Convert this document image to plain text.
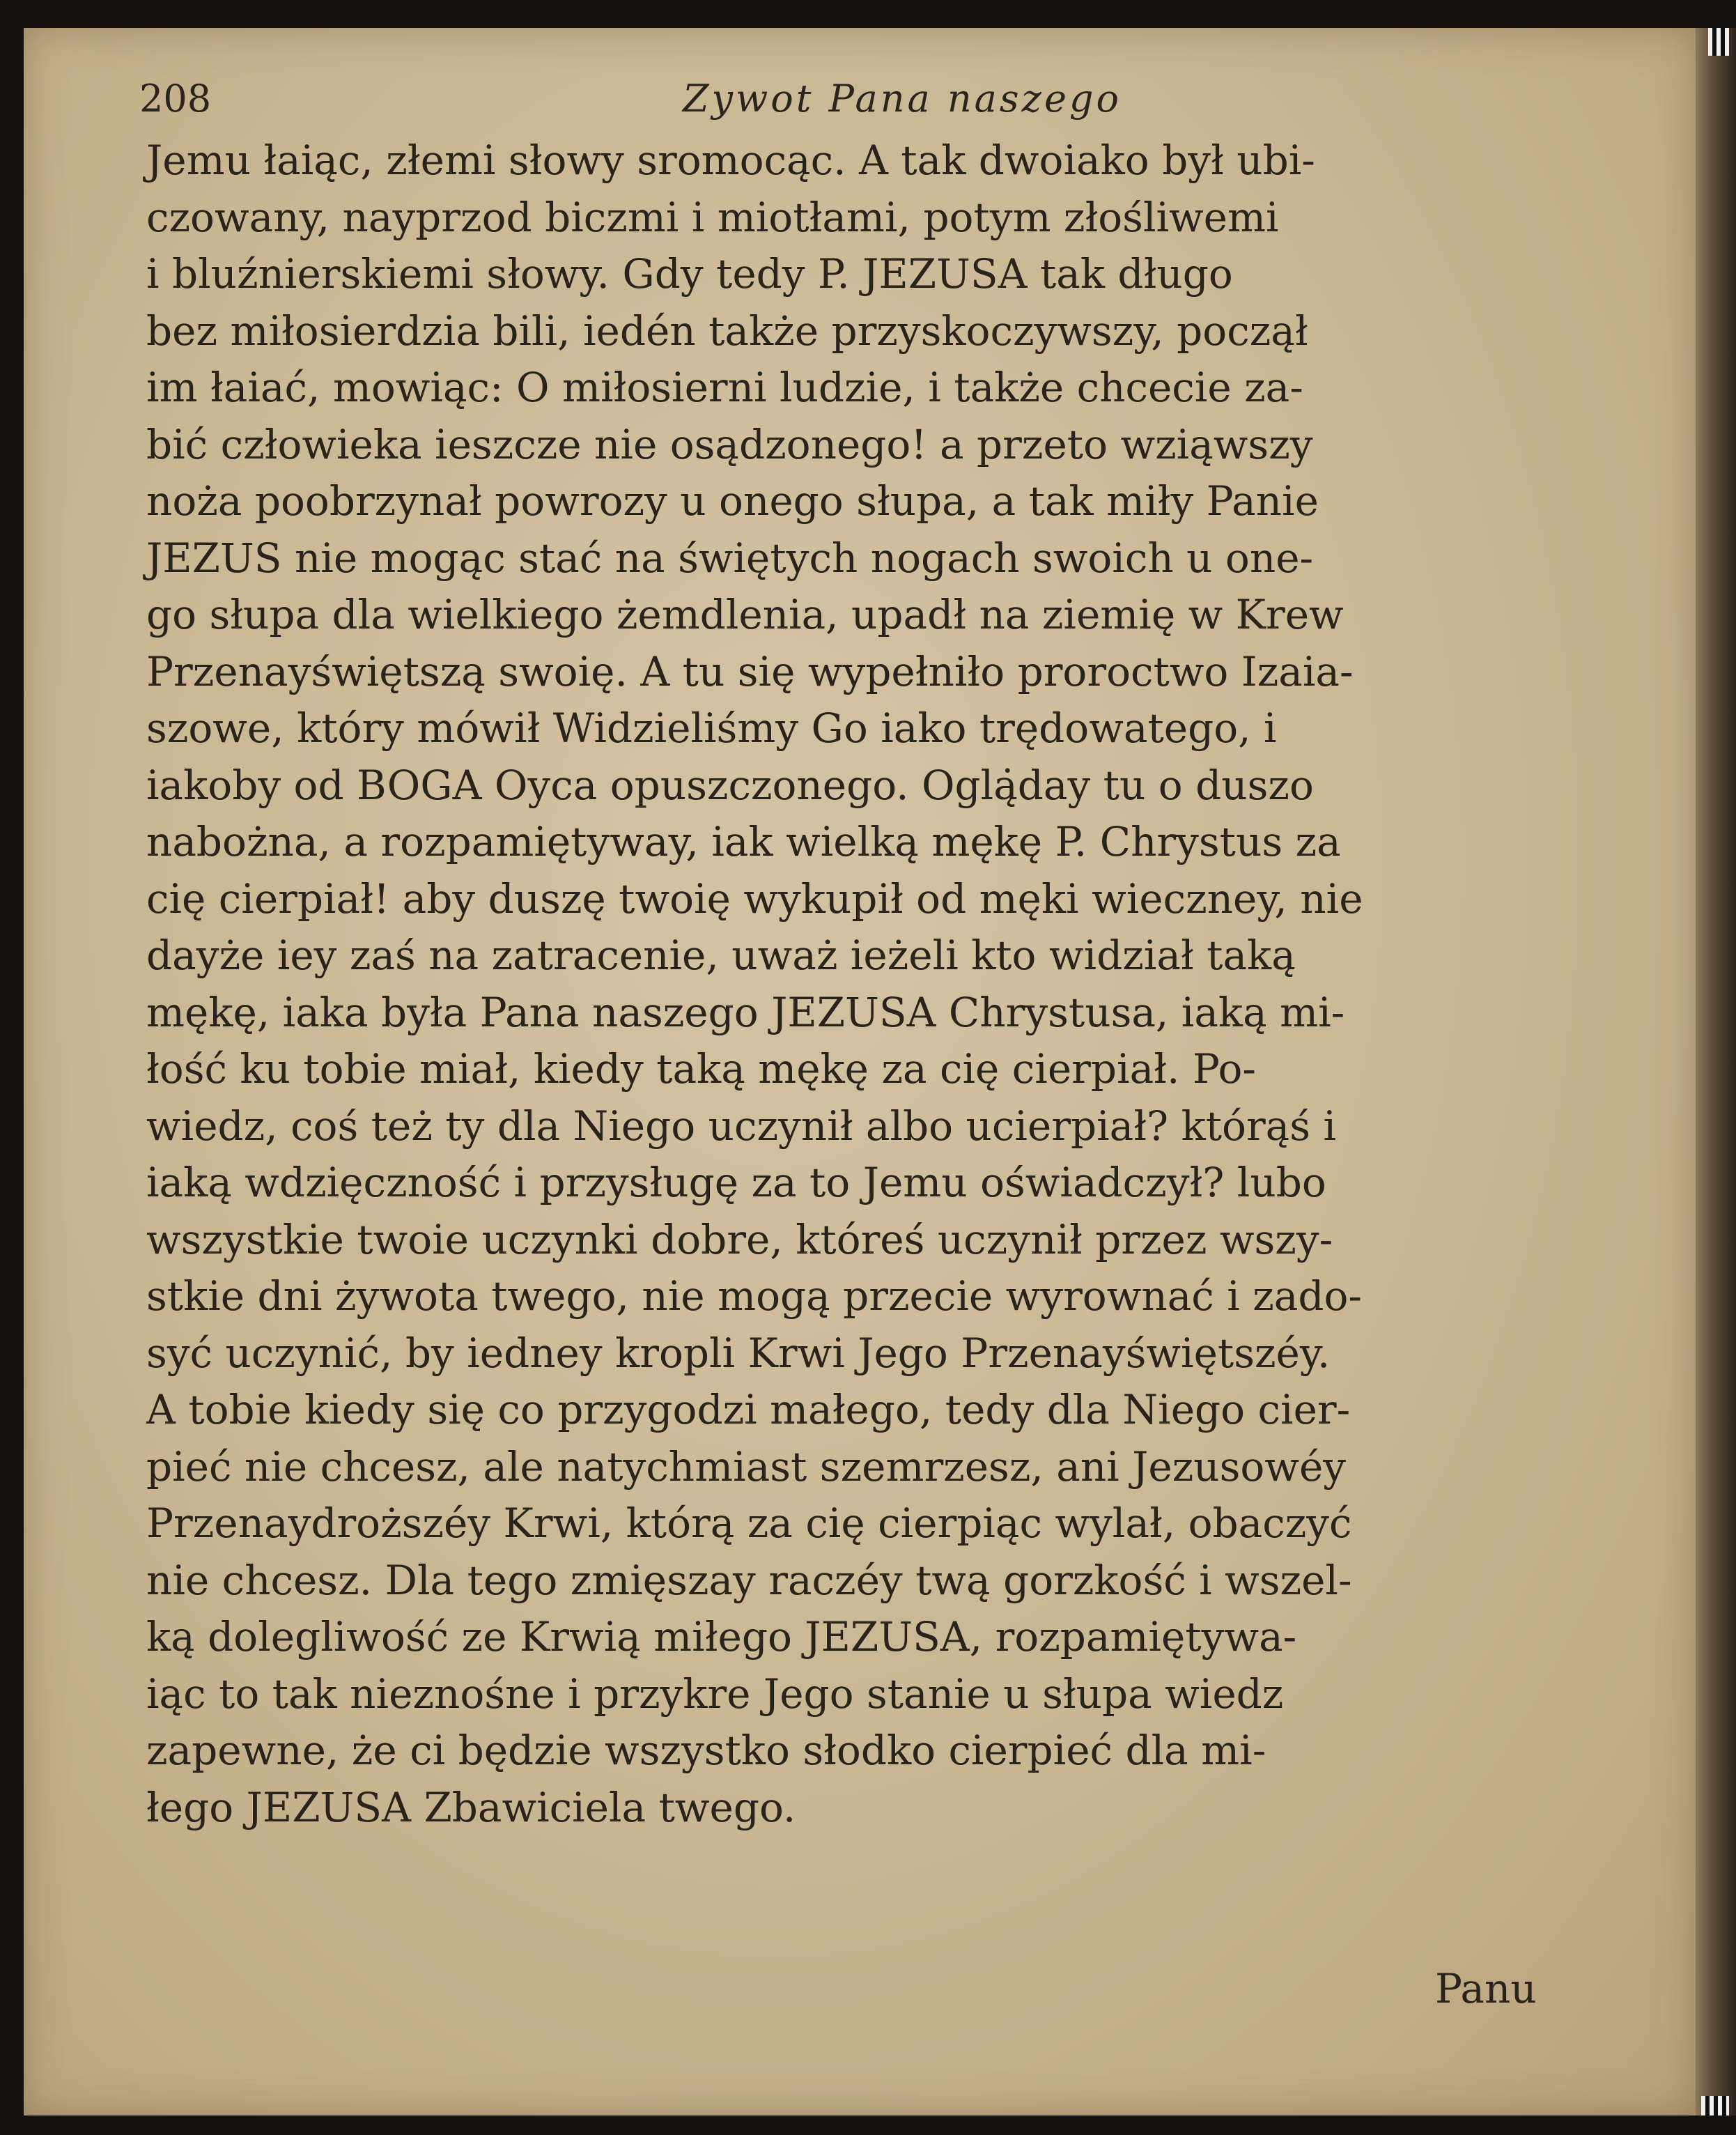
208	Zywot Pana naszego
Jemu łaiąc, złemi słowy sromocąc. A tak dwoiako był ubi-
czowany, nayprzod biczmi i miotłami, potym złośliwemi
i bluźnierskiemi słowy. Gdy tedy P. JEZUSA tak długo
bez miłosierdzia bili, iedén także przyskoczywszy, począł
im łaiać, mowiąc: O miłosierni ludzie, i także chcecie za-
bić człowieka ieszcze nie osądzonego! a przeto wziąwszy
noża poobrzynał powrozy u onego słupa, a tak miły Panie
JEZUS nie mogąc stać na świętych nogach swoich u one-
go słupa dla wielkiego żemdlenia, upadł na ziemię w Krew
Przenayświętszą swoię. A tu się wypełniło proroctwo Izaia-
szowe, który mówił Widzieliśmy Go iako trędowatego, i
iakoby od BOGA Oyca opuszczonego. Oglą̇day tu o duszo
nabożna, a rozpamiętyway, iak wielką mękę P. Chrystus za
cię cierpiał! aby duszę twoię wykupił od męki wieczney, nie
dayże iey zaś na zatracenie, uważ ieżeli kto widział taką
mękę, iaka była Pana naszego JEZUSA Chrystusa, iaką mi-
łość ku tobie miał, kiedy taką mękę za cię cierpiał. Po-
wiedz, coś też ty dla Niego uczynił albo ucierpiał? którąś i
iaką wdzięczność i przysługę za to Jemu oświadczył? lubo
wszystkie twoie uczynki dobre, któreś uczynił przez wszy-
stkie dni żywota twego, nie mogą przecie wyrownać i zado-
syć uczynić, by iedney kropli Krwi Jego Przenayświętszéy.
A tobie kiedy się co przygodzi małego, tedy dla Niego cier-
pieć nie chcesz, ale natychmiast szemrzesz, ani Jezusowéy
Przenaydroższéy Krwi, którą za cię cierpiąc wylał, obaczyć
nie chcesz. Dla tego zmięszay raczéy twą gorzkość i wszel-
ką dolegliwość ze Krwią miłego JEZUSA, rozpamiętywa-
iąc to tak nieznośne i przykre Jego stanie u słupa wiedz
zapewne, że ci będzie wszystko słodko cierpieć dla mi-
łego JEZUSA Zbawiciela twego.
Panu
